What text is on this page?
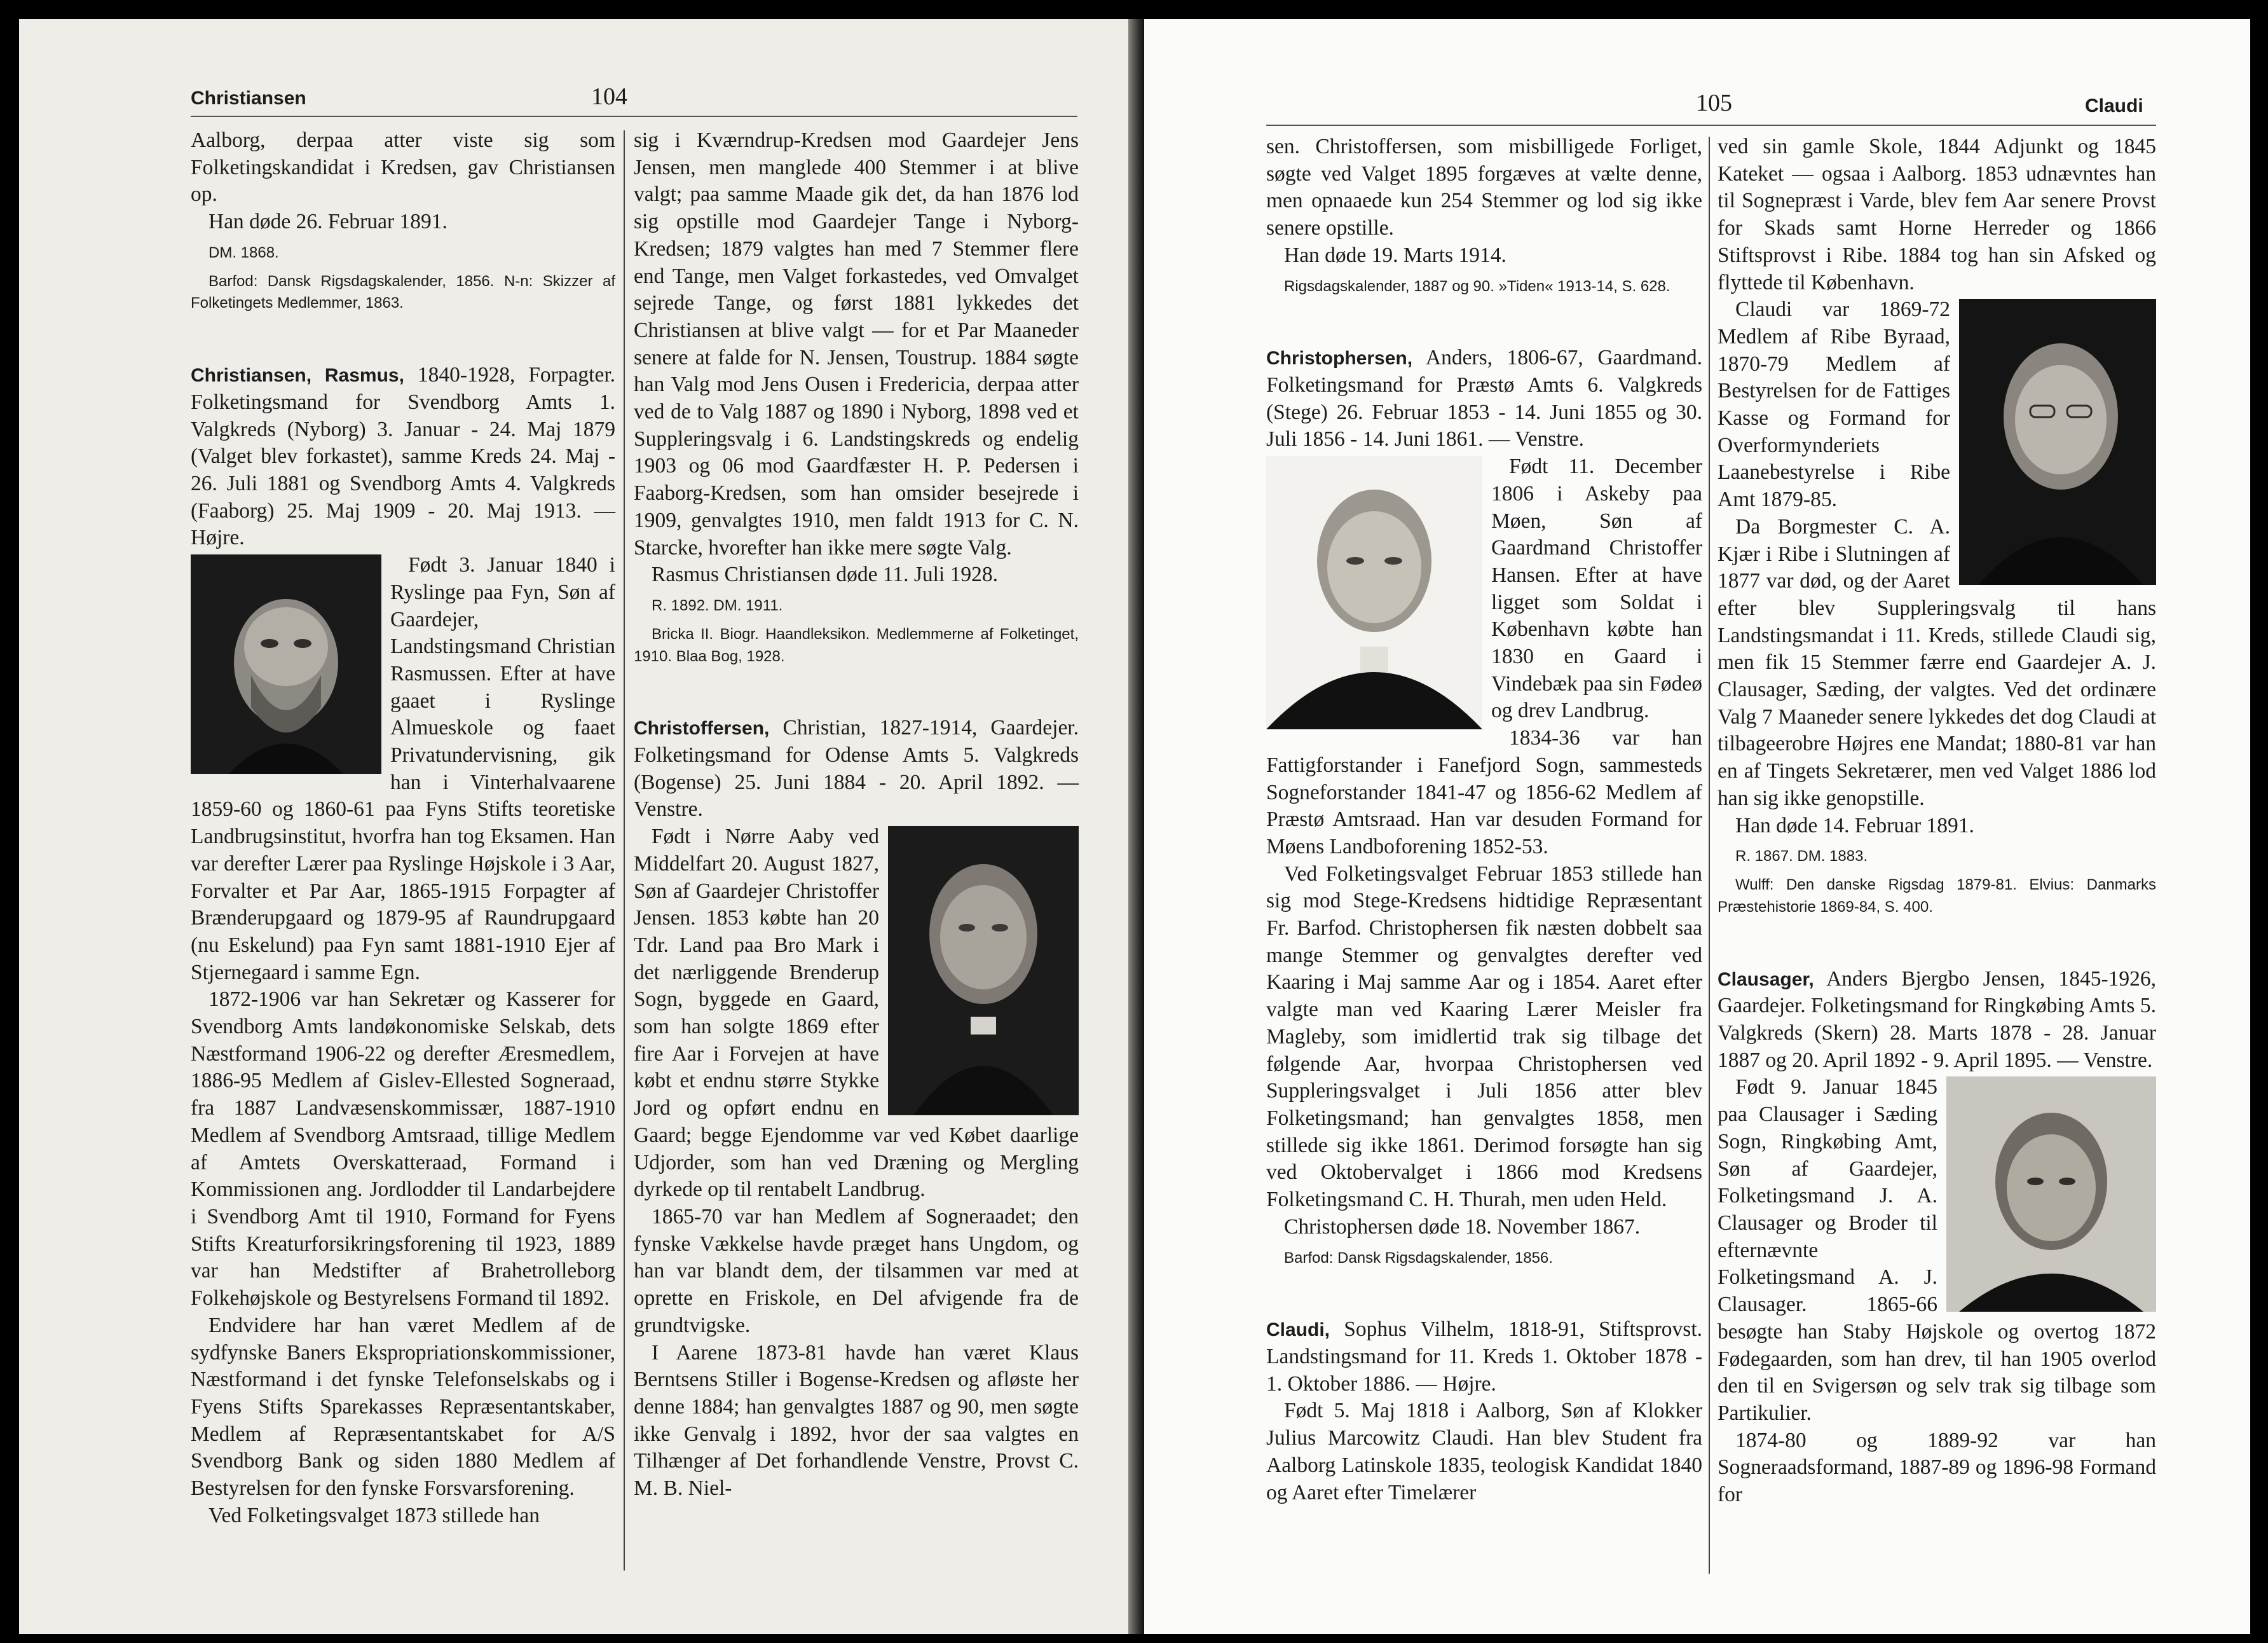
Christiansen	104

Aalborg, derpaa atter viste sig som Folketingskandidat i Kredsen, gav Christiansen op.

Han døde 26. Februar 1891.

DM. 1868.

Barfod: Dansk Rigsdagskalender, 1856. N-n: Skizzer af Folketingets Medlemmer, 1863.

Christiansen, Rasmus, 1840-1928, Forpagter. Folketingsmand for Svendborg Amts 1. Valgkreds (Nyborg) 3. Januar - 24. Maj 1879 (Valget blev forkastet), samme Kreds 24. Maj - 26. Juli 1881 og Svendborg Amts 4. Valgkreds (Faaborg) 25. Maj 1909 - 20. Maj 1913. — Højre.

Født 3. Januar 1840 i Ryslinge paa Fyn, Søn af Gaardejer, Landstingsmand Christian Rasmussen. Efter at have gaaet i Ryslinge Almueskole og faaet Privatundervisning, gik han i Vinterhalvaarene 1859-60 og 1860-61 paa Fyns Stifts teoretiske Landbrugsinstitut, hvorfra han tog Eksamen. Han var derefter Lærer paa Ryslinge Højskole i 3 Aar, Forvalter et Par Aar, 1865-1915 Forpagter af Brænderupgaard og 1879-95 af Raundrupgaard (nu Eskelund) paa Fyn samt 1881-1910 Ejer af Stjernegaard i samme Egn.

1872-1906 var han Sekretær og Kasserer for Svendborg Amts landøkonomiske Selskab, dets Næstformand 1906-22 og derefter Æresmedlem, 1886-95 Medlem af Gislev-Ellested Sogneraad, fra 1887 Landvæsenskommissær, 1887-1910 Medlem af Svendborg Amtsraad, tillige Medlem af Amtets Overskatteraad, Formand i Kommissionen ang. Jordlodder til Landarbejdere i Svendborg Amt til 1910, Formand for Fyens Stifts Kreaturforsikringsforening til 1923, 1889 var han Medstifter af Brahetrolleborg Folkehøjskole og Bestyrelsens Formand til 1892.

Endvidere har han været Medlem af de sydfynske Baners Ekspropriationskommissioner, Næstformand i det fynske Telefonselskabs og i Fyens Stifts Sparekasses Repræsentantskaber, Medlem af Repræsentantskabet for A/S Svendborg Bank og siden 1880 Medlem af Bestyrelsen for den fynske Forsvarsforening.

Ved Folketingsvalget 1873 stillede han

sig i Kværndrup-Kredsen mod Gaardejer Jens Jensen, men manglede 400 Stemmer i at blive valgt; paa samme Maade gik det, da han 1876 lod sig opstille mod Gaardejer Tange i Nyborg-Kredsen; 1879 valgtes han med 7 Stemmer flere end Tange, men Valget forkastedes, ved Omvalget sejrede Tange, og først 1881 lykkedes det Christiansen at blive valgt — for et Par Maaneder senere at falde for N. Jensen, Toustrup. 1884 søgte han Valg mod Jens Ousen i Fredericia, derpaa atter ved de to Valg 1887 og 1890 i Nyborg, 1898 ved et Suppleringsvalg i 6. Landstingskreds og endelig 1903 og 06 mod Gaardfæster H. P. Pedersen i Faaborg-Kredsen, som han omsider besejrede i 1909, genvalgtes 1910, men faldt 1913 for C. N. Starcke, hvorefter han ikke mere søgte Valg.

Rasmus Christiansen døde 11. Juli 1928.

R. 1892. DM. 1911.

Bricka II. Biogr. Haandleksikon. Medlemmerne af Folketinget, 1910. Blaa Bog, 1928.

Christoffersen, Christian, 1827-1914, Gaardejer. Folketingsmand for Odense Amts 5. Valgkreds (Bogense) 25. Juni 1884 - 20. April 1892. — Venstre.

Født i Nørre Aaby ved Middelfart 20. August 1827, Søn af Gaardejer Christoffer Jensen. 1853 købte han 20 Tdr. Land paa Bro Mark i det nærliggende Brenderup Sogn, byggede en Gaard, som han solgte 1869 efter fire Aar i Forvejen at have købt et endnu større Stykke Jord og opført endnu en Gaard; begge Ejendomme var ved Købet daarlige Udjorder, som han ved Dræning og Mergling dyrkede op til rentabelt Landbrug.

1865-70 var han Medlem af Sogneraadet; den fynske Vækkelse havde præget hans Ungdom, og han var blandt dem, der tilsammen var med at oprette en Friskole, en Del afvigende fra de grundtvigske.

I Aarene 1873-81 havde han været Klaus Berntsens Stiller i Bogense-Kredsen og afløste her denne 1884; han genvalgtes 1887 og 90, men søgte ikke Genvalg i 1892, hvor der saa valgtes en Tilhænger af Det forhandlende Venstre, Provst C. M. B. Niel-

105	Claudi

sen. Christoffersen, som misbilligede Forliget, søgte ved Valget 1895 forgæves at vælte denne, men opnaaede kun 254 Stemmer og lod sig ikke senere opstille.

Han døde 19. Marts 1914.

Rigsdagskalender, 1887 og 90. »Tiden« 1913-14, S. 628.

Christophersen, Anders, 1806-67, Gaardmand. Folketingsmand for Præstø Amts 6. Valgkreds (Stege) 26. Februar 1853 - 14. Juni 1855 og 30. Juli 1856 - 14. Juni 1861. — Venstre.

Født 11. December 1806 i Askeby paa Møen, Søn af Gaardmand Christoffer Hansen. Efter at have ligget som Soldat i København købte han 1830 en Gaard i Vindebæk paa sin Fødeø og drev Landbrug.

1834-36 var han Fattigforstander i Fanefjord Sogn, sammesteds Sogneforstander 1841-47 og 1856-62 Medlem af Præstø Amtsraad. Han var desuden Formand for Møens Landboforening 1852-53.

Ved Folketingsvalget Februar 1853 stillede han sig mod Stege-Kredsens hidtidige Repræsentant Fr. Barfod. Christophersen fik næsten dobbelt saa mange Stemmer og genvalgtes derefter ved Kaaring i Maj samme Aar og i 1854. Aaret efter valgte man ved Kaaring Lærer Meisler fra Magleby, som imidlertid trak sig tilbage det følgende Aar, hvorpaa Christophersen ved Suppleringsvalget i Juli 1856 atter blev Folketingsmand; han genvalgtes 1858, men stillede sig ikke 1861. Derimod forsøgte han sig ved Oktobervalget i 1866 mod Kredsens Folketingsmand C. H. Thurah, men uden Held.

Christophersen døde 18. November 1867.

Barfod: Dansk Rigsdagskalender, 1856.

Claudi, Sophus Vilhelm, 1818-91, Stiftsprovst. Landstingsmand for 11. Kreds 1. Oktober 1878 - 1. Oktober 1886. — Højre.

Født 5. Maj 1818 i Aalborg, Søn af Klokker Julius Marcowitz Claudi. Han blev Student fra Aalborg Latinskole 1835, teologisk Kandidat 1840 og Aaret efter Timelærer

ved sin gamle Skole, 1844 Adjunkt og 1845 Kateket — ogsaa i Aalborg. 1853 udnævntes han til Sognepræst i Varde, blev fem Aar senere Provst for Skads samt Horne Herreder og 1866 Stiftsprovst i Ribe. 1884 tog han sin Afsked og flyttede til København.

Claudi var 1869-72 Medlem af Ribe Byraad, 1870-79 Medlem af Bestyrelsen for de Fattiges Kasse og Formand for Overformynderiets Laanebestyrelse i Ribe Amt 1879-85.

Da Borgmester C. A. Kjær i Ribe i Slutningen af 1877 var død, og der Aaret efter blev Suppleringsvalg til hans Landstingsmandat i 11. Kreds, stillede Claudi sig, men fik 15 Stemmer færre end Gaardejer A. J. Clausager, Sæding, der valgtes. Ved det ordinære Valg 7 Maaneder senere lykkedes det dog Claudi at tilbageerobre Højres ene Mandat; 1880-81 var han en af Tingets Sekretærer, men ved Valget 1886 lod han sig ikke genopstille.

Han døde 14. Februar 1891.

R. 1867. DM. 1883.

Wulff: Den danske Rigsdag 1879-81. Elvius: Danmarks Præstehistorie 1869-84, S. 400.

Clausager, Anders Bjergbo Jensen, 1845-1926, Gaardejer. Folketingsmand for Ringkøbing Amts 5. Valgkreds (Skern) 28. Marts 1878 - 28. Januar 1887 og 20. April 1892 - 9. April 1895. — Venstre.

Født 9. Januar 1845 paa Clausager i Sæding Sogn, Ringkøbing Amt, Søn af Gaardejer, Folketingsmand J. A. Clausager og Broder til efternævnte Folketingsmand A. J. Clausager. 1865-66 besøgte han Staby Højskole og overtog 1872 Fødegaarden, som han drev, til han 1905 overlod den til en Svigersøn og selv trak sig tilbage som Partikulier.

1874-80 og 1889-92 var han Sogneraadsformand, 1887-89 og 1896-98 Formand for
